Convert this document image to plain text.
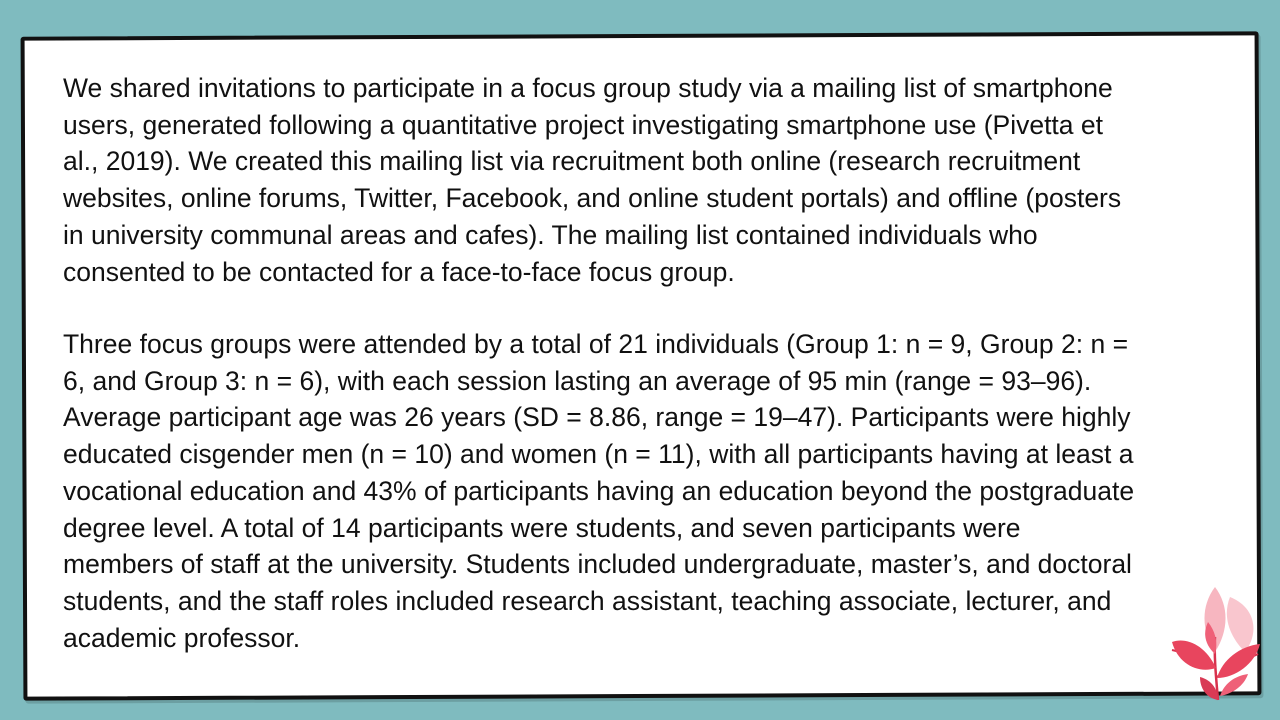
We shared invitations to participate in a focus group study via a mailing list of smartphone
users, generated following a quantitative project investigating smartphone use (Pivetta et
al., 2019). We created this mailing list via recruitment both online (research recruitment
websites, online forums, Twitter, Facebook, and online student portals) and offline (posters
in university communal areas and cafes). The mailing list contained individuals who
consented to be contacted for a face-to-face focus group.

Three focus groups were attended by a total of 21 individuals (Group 1: n = 9, Group 2: n =
6, and Group 3: n = 6), with each session lasting an average of 95 min (range = 93–96).
Average participant age was 26 years (SD = 8.86, range = 19–47). Participants were highly
educated cisgender men (n = 10) and women (n = 11), with all participants having at least a
vocational education and 43% of participants having an education beyond the postgraduate
degree level. A total of 14 participants were students, and seven participants were
members of staff at the university. Students included undergraduate, master’s, and doctoral
students, and the staff roles included research assistant, teaching associate, lecturer, and
academic professor.
